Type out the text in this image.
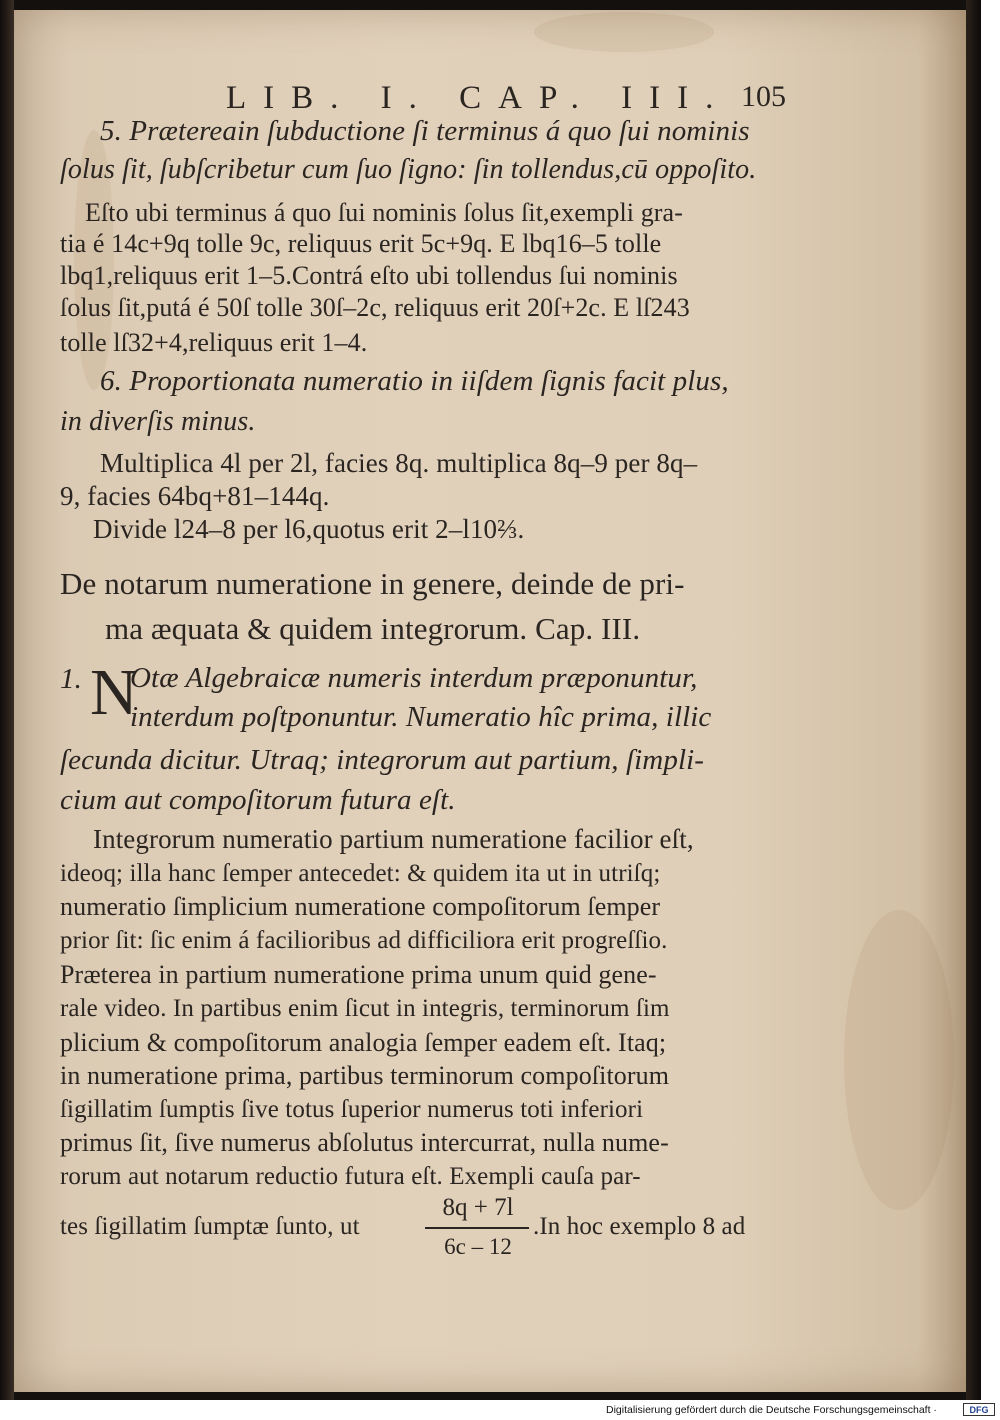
LIB. I. CAP. III. 105

5. Prætereain ſubductione ſi terminus á quo ſui nominis

ſolus ſit, ſubſcribetur cum ſuo ſigno: ſin tollendus,cū oppoſito.

Eſto ubi terminus á quo ſui nominis ſolus ſit,exempli gra-

tia é 14c+9q tolle 9c, reliquus erit 5c+9q. E lbq16–5 tolle

lbq1,reliquus erit 1–5.Contrá eſto ubi tollendus ſui nominis

ſolus ſit,putá é 50ſ tolle 30ſ–2c, reliquus erit 20ſ+2c. E lſ243

tolle lſ32+4,reliquus erit 1–4.

6. Proportionata numeratio in iiſdem ſignis facit plus,

in diverſis minus.

Multiplica 4l per 2l, facies 8q. multiplica 8q–9 per 8q–

9, facies 64bq+81–144q.

Divide l24–8 per l6,quotus erit 2–l10⅔.

De notarum numeratione in genere, deinde de pri-

ma æquata & quidem integrorum. Cap. III.

1. N

Otæ Algebraicæ numeris interdum præponuntur,

interdum poſtponuntur. Numeratio hîc prima, illic

ſecunda dicitur. Utraq; integrorum aut partium, ſimpli-

cium aut compoſitorum futura eſt.

Integrorum numeratio partium numeratione facilior eſt,

ideoq; illa hanc ſemper antecedet: & quidem ita ut in utriſq;

numeratio ſimplicium numeratione compoſitorum ſemper

prior ſit: ſic enim á facilioribus ad difficiliora erit progreſſio.

Præterea in partium numeratione prima unum quid gene-

rale video. In partibus enim ſicut in integris, terminorum ſim

plicium & compoſitorum analogia ſemper eadem eſt. Itaq;

in numeratione prima, partibus terminorum compoſitorum

ſigillatim ſumptis ſive totus ſuperior numerus toti inferiori

primus ſit, ſive numerus abſolutus intercurrat, nulla nume-

rorum aut notarum reductio futura eſt. Exempli cauſa par-

tes ſigillatim ſumptæ ſunto, ut

8q + 7l
6c – 12

.In hoc exemplo 8 ad

Digitalisierung gefördert durch die Deutsche Forschungsgemeinschaft ·	DFG
